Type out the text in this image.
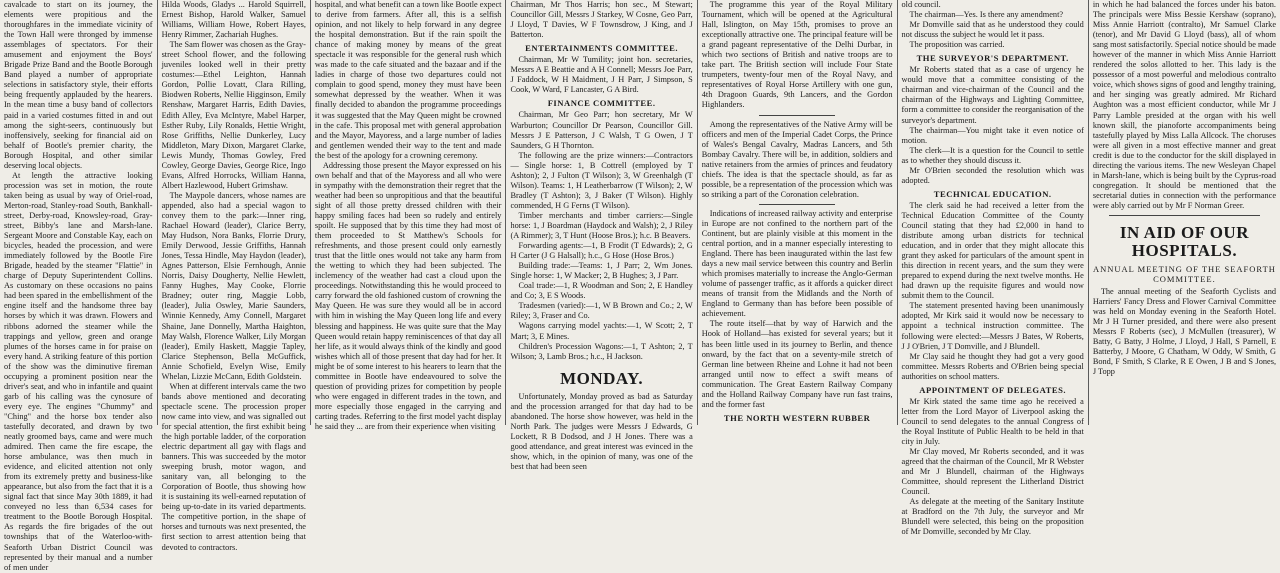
cavalcade to start on its journey, the elements were propitious and the thoroughfares in the immediate vicinity of the Town Hall were thronged by immense assemblages of spectators. For their amusement and enjoyment the Boys' Brigade Prize Band and the Bootle Borough Band played a number of appropriate selections in satisfactory style, their efforts being frequently applauded by the hearers. In the mean time a busy band of collectors paid in a varied costumes fitted in and out among the sight-seers, continuously but inoffensively, seeking for financial aid on behalf of Bootle's premier charity, the Borough Hospital, and other similar deserving local objects.

At length the attractive looking procession was set in motion, the route taken being as usual by way of Oriel-road, Merton-road, Stanley-road South, Bankhall-street, Derby-road, Knowsley-road, Gray-street, Bibby's lane and Marsh-lane. Sergeant Moore and Constable Kay, each on bicycles, headed the procession, and were immediately followed by the Bootle Fire Brigade, headed by the steamer "Flattie" in charge of Deputy Superintendent Collins. As customary on these occasions no pains had been spared in the embellishment of the engine itself and the handsome three bay horses by which it was drawn. Flowers and ribbons adorned the steamer while the trappings and yellow, green and orange plumes of the horses came in for praise on every hand. A striking feature of this portion of the show was the diminutive fireman occupying a prominent position near the driver's seat, and who in infantile and quaint garb of his calling was the cynosure of every eye. The engines "Chummy" and "Ching" and the horse box tender also tastefully decorated, and drawn by two neatly groomed bays, came and were much admired. Then came the fire escape, the horse ambulance, was then much in evidence, and elicited attention not only from its extremely pretty and business-like appearance, but also from the fact that it is a signal fact that since May 30th 1889, it had conveyed no less than 6,534 cases for treatment to the Bootle Borough Hospital. As regards the fire brigades of the out townships that of the Waterloo-with-Seaforth Urban District Council was represented by their manual and a number of men under

Hilda Woods, Gladys ... Harold Squirrell, Ernest Bishop, Harold Walker, Samuel Williams, William Howe, Robert Hayes, Henry Rimmer, Zachariah Hughes.

The Sam flower was chosen as the Gray-street School flower, and the following juveniles looked well in their pretty costumes:—Ethel Leighton, Hannah Gordon, Pollie Lovatt, Clara Rilling, Biodwen Roberts, Nellie Higginson, Emily Renshaw, Margaret Harris, Edith Davies, Edith Alley, Eva McIntyre, Mabel Harper, Esther Ruby, Lily Ronalds, Hettie Wright, Rose Griffiths, Nellie Dunkerley, Lucy Middleton, Mary Dixon, Margaret Clarke, Lewis Mundy, Thomas Gowley, Fred Cowley, George Davies, George Rice, Ingo Evans, Alfred Horrocks, William Hanna, Albert Hazlewood, Hubert Grimshaw.

The Maypole dancers, whose names are appended, also had a special wagon to convey them to the park:—Inner ring, Rachael Howard (leader), Clarice Berry, May Hudson, Nora Banks, Florrie Drury, Emily Derwood, Jessie Griffiths, Hannah Jones, Tessa Hindle, May Haydon (leader), Agnes Patterson, Elsie Fernhough, Annie Norris, Daisy Dougherty, Nellie Hewlett, Fanny Hughes, May Cooke, Florrie Bradney; outer ring, Maggie Lobb, (leader), Julia Oswley, Marie Saunders, Winnie Kennedy, Amy Connell, Margaret Shaine, Jane Donnelly, Martha Haighton, May Walsh, Florence Walker, Lily Morgan (leader), Emily Haskett, Maggie Tapley, Clarice Stephenson, Bella McGuffick, Annie Schofield, Evelyn Wise, Emily Whelan, Lizzie McCann, Edith Goldstein.

When at different intervals came the two bands above mentioned and decorating spectacle scene. The procession proper now came into view, and was signalled out for special attention, the first exhibit being the high portable ladder, of the corporation electric department all gay with flags and banners. This was succeeded by the motor sweeping brush, motor wagon, and sanitary van, all belonging to the Corporation of Bootle, thus showing how it is sustaining its well-earned reputation of being up-to-date in its varied departments. The competitive portion, in the shape of horses and turnouts was next presented, the first section to arrest attention being that devoted to contractors.

hospital, and what benefit can a town like Bootle expect to derive from farmers. After all, this is a selfish opinion, and not likely to help forward in any degree the hospital demonstration. But if the rain spoilt the chance of making money by means of the great spectacle it was responsible for the general rush which was made to the cafe situated and the bazaar and if the ladies in charge of those two departures could not complain to good spend, money they must have been somewhat depressed by the weather. When it was finally decided to abandon the programme proceedings it was suggested that the May Queen might be crowned in the cafe. This proposal met with general approbation and the Mayor, Mayoress, and a large number of ladies and gentlemen wended their way to the tent and made the best of the apology for a crowning ceremony.

Addressing those present the Mayor expressed on his own behalf and that of the Mayoress and all who were in sympathy with the demonstration their regret that the weather had been so unpropitious and that the beautiful sight of all those pretty dressed children with their happy smiling faces had been so rudely and entirely spoilt. He supposed that by this time they had most of them proceeded to St Matthew's Schools for refreshments, and those present could only earnestly trust that the little ones would not take any harm from the wetting to which they had been subjected. The inclemency of the weather had cast a cloud upon the proceedings. Notwithstanding this he would proceed to carry forward the old fashioned custom of crowning the May Queen. He was sure they would all be in accord with him in wishing the May Queen long life and every blessing and happiness. He was quite sure that the May Queen would retain happy reminiscences of that day all her life, as it would always think of the kindly and good wishes which all of those present that day had for her. It might be of some interest to his hearers to learn that the committee in Bootle have endeavoured to solve the question of providing prizes for competition by people who were engaged in different trades in the town, and more especially those engaged in the carrying and carting trades. Referring to the first model yacht display he said they ... are from their experience when visiting

Chairman, Mr Thos Harris; hon sec., M Stewart; Councillor Gill, Messrs J Starkey, W Cosne, Geo Parr, J Lloyd, T Davies, W F Townsdrow, J King, and J Batterton.

ENTERTAINMENTS COMMITTEE.

Chairman, Mr W Tumility; joint hon. secretaries, Messrs A E Beattie and A H Connell; Messrs Joe Parr, J Faddock, W H Maidment, J H Parr, J Simpson, S Cook, W Ward, F Lancaster, G A Bird.

FINANCE COMMITTEE.

Chairman, Mr Geo Parr; hon secretary, Mr W Warburton; Councillor Dr Pearson, Councillor Gill. Messrs J E Patterson, J C Walsh, T G Owen, J T Saunders, G H Thornton.

The following are the prize winners:—Contractors — Single horse: 1, B Cottrell (employed by T Ashton); 2, J Fulton (T Wilson); 3, W Greenhalgh (T Wilson). Teams: 1, H Leatherbarrow (T Wilson); 2, W Bradley (T Ashton); 3, J Baker (T Wilson). Highly commended, H G Ferns (T Wilson).

Timber merchants and timber carriers:—Single horse: 1, J Boardman (Haydock and Walsh); 2, J Riley (A Rimmer); 3, T Hunt (Hoose Bros.); h.c. B Beavers.

Forwarding agents:—1, B Frodit (T Edwards); 2, G H Carter (J G Halsall); h.c., G Hose (Hose Bros.)

Building trade:—Teams: 1, J Parr; 2, Wm Jones. Single horse: 1, W Macker; 2, B Hughes; 3, J Parr.

Coal trade:—1, R Woodman and Son; 2, E Handley and Co; 3, E S Woods.

Tradesmen (varied):—1, W B Brown and Co.; 2, W Riley; 3, Fraser and Co.

Wagons carrying model yachts:—1, W Scott; 2, T Mart; 3, E Mines.

Children's Procession Wagons:—1, T Ashton; 2, T Wilson; 3, Lamb Bros.; h.c., H Jackson.

MONDAY.

Unfortunately, Monday proved as bad as Saturday and the procession arranged for that day had to be abandoned. The horse show however, was held in the North Park. The judges were Messrs J Edwards, G Lockett, R B Dodsod, and J H Jones. There was a good attendance, and great interest was evinced in the show, which, in the opinion of many, was one of the best that had been seen

The programme this year of the Royal Military Tournament, which will be opened at the Agricultural Hall, Islington, on May 15th, promises to prove an exceptionally attractive one. The principal feature will be a grand pageant representative of the Delhi Durbar, in which two sections of British and native troops are to take part. The British section will include Four State trumpeters, twenty-four men of the Royal Navy, and representatives of Royal Horse Artillery with one gun, 4th Dragoon Guards, 9th Lancers, and the Gordon Highlanders.

Among the representatives of the Native Army will be officers and men of the Imperial Cadet Corps, the Prince of Wales's Bengal Cavalry, Madras Lancers, and 5th Bombay Cavalry. There will be, in addition, soldiers and native retainers from the armies of princes and feudatory chiefs. The idea is that the spectacle should, as far as possible, be a representation of the procession which was so striking a part of the Coronation celebration.

Indications of increased railway activity and enterprise in Europe are not confined to the northern part of the Continent, but are plainly visible at this moment in the central portion, and in a manner especially interesting to England. There has been inaugurated within the last few days a new mail service between this country and Berlin which promises materially to increase the Anglo-German volume of passenger traffic, as it affords a quicker direct means of transit from the Midlands and the North of England to Germany than has before been possible of achievement.

The route itself—that by way of Harwich and the Hook of Holland—has existed for several years; but it has been little used in its journey to Berlin, and thence onward, by the fact that on a seventy-mile stretch of German line between Rheine and Lohne it had not been arranged until now to effect a swift means of communication. The Great Eastern Railway Company and the Holland Railway Company have run fast trains, and the former fast

THE NORTH WESTERN RUBBER

old council.

The chairman—Yes. Is there any amendment?

Mr Domville said that as he understood they could not discuss the subject he would let it pass.

The proposition was carried.

THE SURVEYOR'S DEPARTMENT.

Mr Roberts stated that as a case of urgency he would move that a committee consisting of the chairman and vice-chairman of the Council and the chairman of the Highways and Lighting Committee, form a committee to consider the reorganisation of the surveyor's department.

The chairman—You might take it even notice of motion.

The clerk—It is a question for the Council to settle as to whether they should discuss it.

Mr O'Brien seconded the resolution which was adopted.

TECHNICAL EDUCATION.

The clerk said he had received a letter from the Technical Education Committee of the County Council stating that they had £2,000 in hand to distribute among urban districts for technical education, and in order that they might allocate this grant they asked for particulars of the amount spent in this direction in recent years, and the sum they were prepared to expend during the next twelve months. He had drawn up the requisite figures and would now submit them to the Council.

The statement presented having been unanimously adopted, Mr Kirk said it would now be necessary to appoint a technical instruction committee. The following were elected:—Messrs J Bates, W Roberts, J J O'Brien, J T Domville, and J Blundell.

Mr Clay said he thought they had got a very good committee. Messrs Roberts and O'Brien being special authorities on school matters.

APPOINTMENT OF DELEGATES.

Mr Kirk stated the same time ago he received a letter from the Lord Mayor of Liverpool asking the Council to send delegates to the annual Congress of the Royal Institute of Public Health to be held in that city in July.

Mr Clay moved, Mr Roberts seconded, and it was agreed that the chairman of the Council, Mr R Webster and Mr J Blundell, chairman of the Highways Committee, should represent the Litherland District Council.

As delegate at the meeting of the Sanitary Institute at Bradford on the 7th July, the surveyor and Mr Blundell were selected, this being on the proposition of Mr Domville, seconded by Mr Clay.

in which he had balanced the forces under his baton. The principals were Miss Bessie Kershaw (soprano), Miss Annie Harriott (contralto), Mr Samuel Clarke (tenor), and Mr David G Lloyd (bass), all of whom sang most satisfactorily. Special notice should be made however of the manner in which Miss Annie Harriott rendered the solos allotted to her. This lady is the possessor of a most powerful and melodious contralto voice, which shows signs of good and lengthy training, and her singing was greatly admired. Mr Richard Aughton was a most efficient conductor, while Mr J Parry Lamble presided at the organ with his well known skill, the pianoforte accompaniments being tastefully played by Miss Lalla Allcock. The choruses were all given in a most effective manner and great credit is due to the conductor for the skill displayed in directing the various items. The new Wesleyan Chapel in Marsh-lane, which is being built by the Cyprus-road congregation. It should be mentioned that the secretarial duties in connection with the performance were ably carried out by Mr F Norman Greer.

IN AID OF OUR HOSPITALS.
ANNUAL MEETING OF THE SEAFORTH COMMITTEE.

The annual meeting of the Seaforth Cyclists and Harriers' Fancy Dress and Flower Carnival Committee was held on Monday evening in the Seaforth Hotel. Mr J H Turner presided, and there were also present Messrs F Roberts (sec), J McMullen (treasurer), W Batty, G Batty, J Holme, J Lloyd, J Hall, S Parnell, E Batterby, J Moore, G Chatham, W Oddy, W Smith, G Bond, F Smith, S Clarke, R E Owen, J B and S Jones, J Topp
